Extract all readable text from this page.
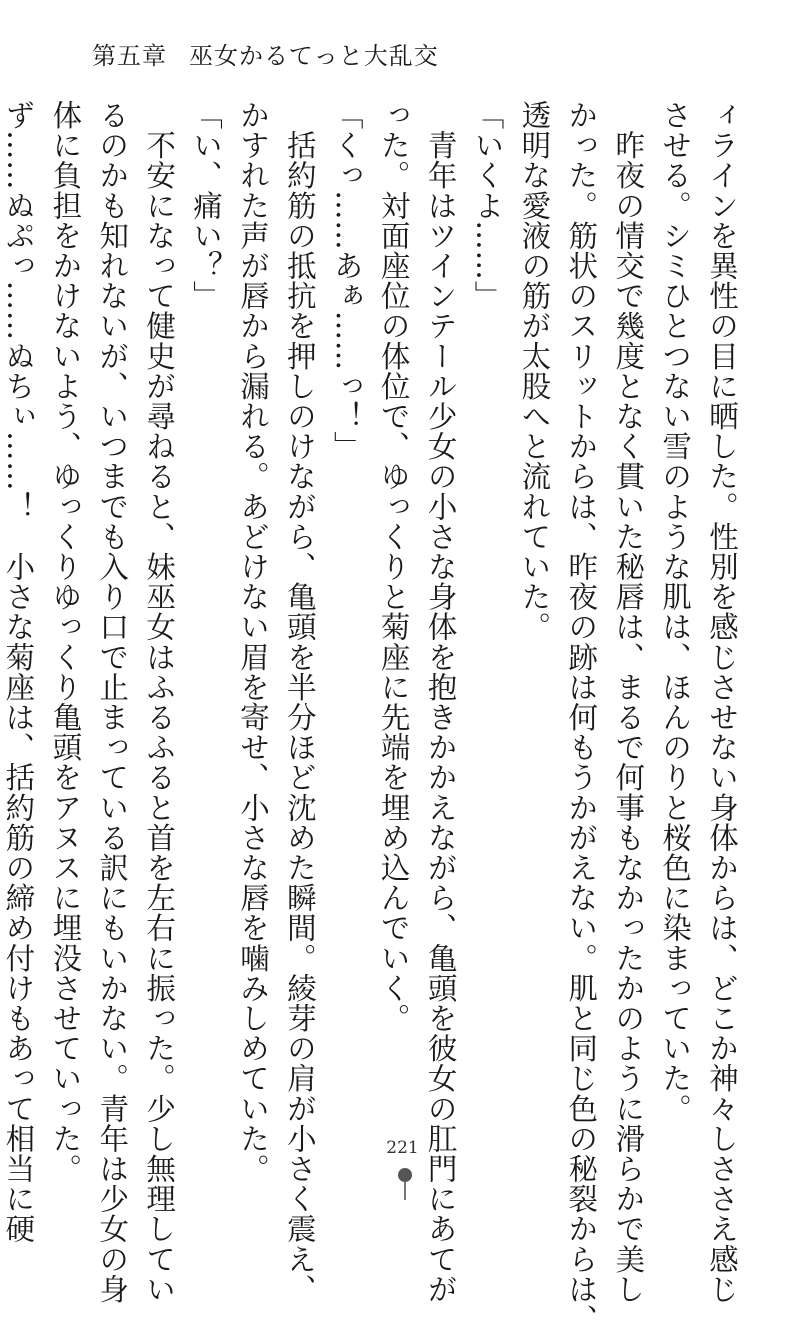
第五章 巫女かるてっと大乱交
ィラインを異性の目に晒した。性別を感じさせない身体からは、どこか神々しささえ感じ
させる。シミひとつない雪のような肌は、ほんのりと桜色に染まっていた。
　昨夜の情交で幾度となく貫いた秘唇は、まるで何事もなかったかのように滑らかで美し
かった。筋状のスリットからは、昨夜の跡は何もうかがえない。肌と同じ色の秘裂からは、
透明な愛液の筋が太股へと流れていた。
「いくよ……」
　青年はツインテール少女の小さな身体を抱きかかえながら、亀頭を彼女の肛門にあてが
った。対面座位の体位で、ゆっくりと菊座に先端を埋め込んでいく。
「くっ……あぁ……っ！」
　括約筋の抵抗を押しのけながら、亀頭を半分ほど沈めた瞬間。綾芽の肩が小さく震え、
かすれた声が唇から漏れる。あどけない眉を寄せ、小さな唇を噛みしめていた。
「い、痛い？」
　不安になって健史が尋ねると、妹巫女はふるふると首を左右に振った。少し無理してい
るのかも知れないが、いつまでも入り口で止まっている訳にもいかない。青年は少女の身
体に負担をかけないよう、ゆっくりゆっくり亀頭をアヌスに埋没させていった。
ず……ぬぷっ……ぬちぃ……！　小さな菊座は、括約筋の締め付けもあって相当に硬	221
